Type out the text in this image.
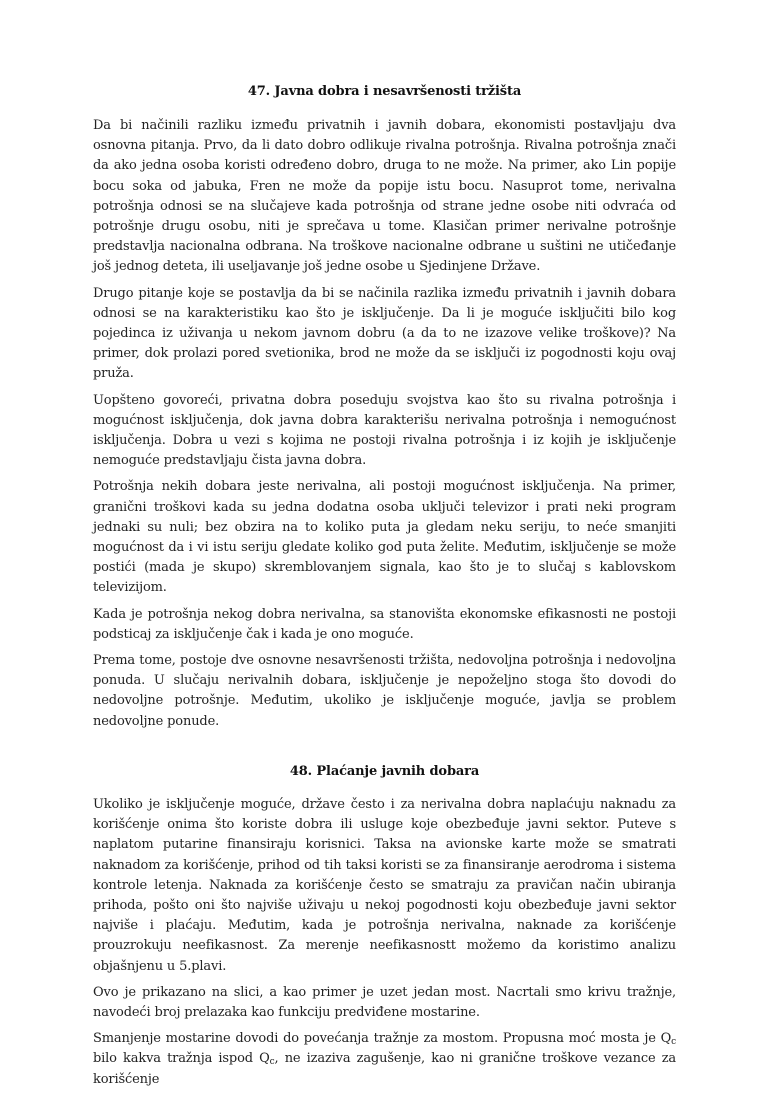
47. Javna dobra i nesavršenosti tržišta

Da bi načinili razliku između privatnih i javnih dobara, ekonomisti postavljaju dva osnovna pitanja. Prvo, da li dato dobro odlikuje rivalna potrošnja. Rivalna potrošnja znači da ako jedna osoba koristi određeno dobro, druga to ne može. Na primer, ako Lin popije bocu soka od jabuka, Fren ne može da popije istu bocu. Nasuprot tome, nerivalna potrošnja odnosi se na slučajeve kada potrošnja od strane jedne osobe niti odvraća od potrošnje drugu osobu, niti je sprečava u tome. Klasičan primer nerivalne potrošnje predstavlja nacionalna odbrana. Na troškove nacionalne odbrane u suštini ne utičeđanje još jednog deteta, ili useljavanje još jedne osobe u Sjedinjene Države.

Drugo pitanje koje se postavlja da bi se načinila razlika između privatnih i javnih dobara odnosi se na karakteristiku kao što je isključenje. Da li je moguće isključiti bilo kog pojedinca iz uživanja u nekom javnom dobru (a da to ne izazove velike troškove)? Na primer, dok prolazi pored svetionika, brod ne može da se isključi iz pogodnosti koju ovaj pruža.

Uopšteno govoreći, privatna dobra poseduju svojstva kao što su rivalna potrošnja i mogućnost isključenja, dok javna dobra karakterišu nerivalna potrošnja i nemogućnost isključenja. Dobra u vezi s kojima ne postoji rivalna potrošnja i iz kojih je isključenje nemoguće predstavljaju čista javna dobra.

Potrošnja nekih dobara jeste nerivalna, ali postoji mogućnost isključenja. Na primer, granični troškovi kada su jedna dodatna osoba uključi televizor i prati neki program jednaki su nuli; bez obzira na to koliko puta ja gledam neku seriju, to neće smanjiti mogućnost da i vi istu seriju gledate koliko god puta želite. Međutim, isključenje se može postići (mada je skupo) skremblovanjem signala, kao što je to slučaj s kablovskom televizijom.

Kada je potrošnja nekog dobra nerivalna, sa stanovišta ekonomske efikasnosti ne postoji podsticaj za isključenje čak i kada je ono moguće.

Prema tome, postoje dve osnovne nesavršenosti tržišta, nedovoljna potrošnja i nedovoljna ponuda. U slučaju nerivalnih dobara, isključenje je nepoželjno stoga što dovodi do nedovoljne potrošnje. Međutim, ukoliko je isključenje moguće, javlja se problem nedovoljne ponude.

48. Plaćanje javnih dobara

Ukoliko je isključenje moguće, države često i za nerivalna dobra naplaćuju naknadu za korišćenje onima što koriste dobra ili usluge koje obezbeđuje javni sektor. Puteve s naplatom putarine finansiraju korisnici. Taksa na avionske karte može se smatrati naknadom za korišćenje, prihod od tih taksi koristi se za finansiranje aerodroma i sistema kontrole letenja. Naknada za korišćenje često se smatraju za pravičan način ubiranja prihoda, pošto oni što najviše uživaju u nekoj pogodnosti koju obezbeđuje javni sektor najviše i plaćaju. Međutim, kada je potrošnja nerivalna, naknade za korišćenje prouzrokuju neefikasnost. Za merenje neefikasnostt možemo da koristimo analizu objašnjenu u 5.plavi.

Ovo je prikazano na slici, a kao primer je uzet jedan most. Nacrtali smo krivu tražnje, navodeći broj prelazaka kao funkciju predviđene mostarine.

Smanjenje mostarine dovodi do povećanja tražnje za mostom. Propusna moć mosta je $Q_c$ bilo kakva tražnja ispod $Q_c$, ne izaziva zagušenje, kao ni granične troškove vezance za korišćenje
